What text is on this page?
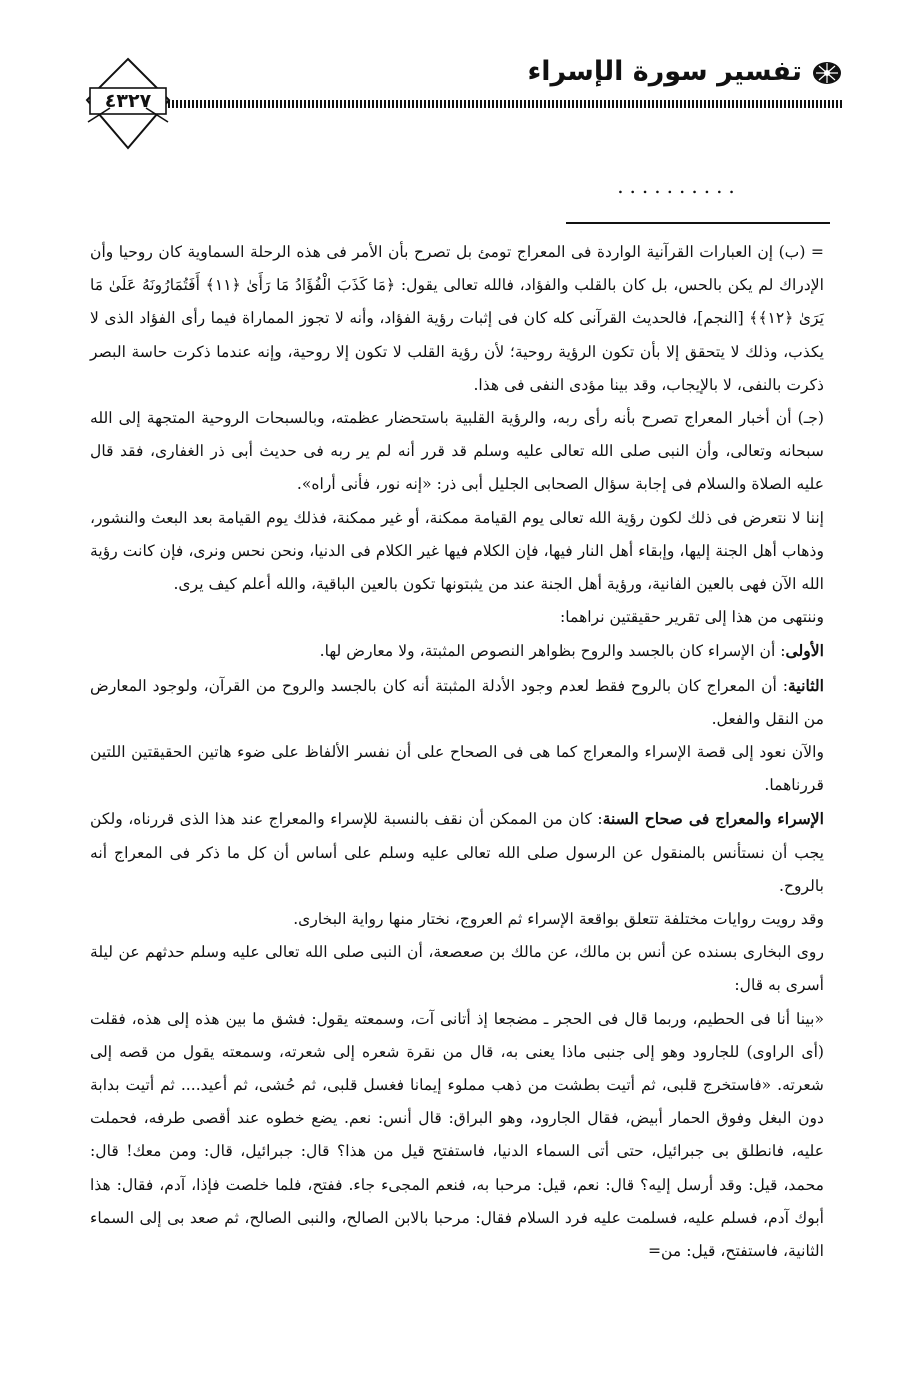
تفسير سورة الإسراء
٤٣٢٧
..........

= (ب) إن العبارات القرآنية الواردة فى المعراج تومئ بل تصرح بأن الأمر فى هذه الرحلة السماوية كان روحيا وأن الإدراك لم يكن بالحس، بل كان بالقلب والفؤاد، فالله تعالى يقول: ﴿مَا كَذَبَ الْفُؤَادُ مَا رَأَىٰ ﴿١١﴾ أَفَتُمَارُونَهُ عَلَىٰ مَا يَرَىٰ ﴿١٢﴾﴾ [النجم]، فالحديث القرآنى كله كان فى إثبات رؤية الفؤاد، وأنه لا تجوز المماراة فيما رأى الفؤاد الذى لا يكذب، وذلك لا يتحقق إلا بأن تكون الرؤية روحية؛ لأن رؤية القلب لا تكون إلا روحية، وإنه عندما ذكرت حاسة البصر ذكرت بالنفى، لا بالإيجاب، وقد بينا مؤدى النفى فى هذا.

(جـ) أن أخبار المعراج تصرح بأنه رأى ربه، والرؤية القلبية باستحضار عظمته، وبالسبحات الروحية المتجهة إلى الله سبحانه وتعالى، وأن النبى صلى الله تعالى عليه وسلم قد قرر أنه لم ير ربه فى حديث أبى ذر الغفارى، فقد قال عليه الصلاة والسلام فى إجابة سؤال الصحابى الجليل أبى ذر: «إنه نور، فأنى أراه».

إننا لا نتعرض فى ذلك لكون رؤية الله تعالى يوم القيامة ممكنة، أو غير ممكنة، فذلك يوم القيامة بعد البعث والنشور، وذهاب أهل الجنة إليها، وإبقاء أهل النار فيها، فإن الكلام فيها غير الكلام فى الدنيا، ونحن نحس ونرى، فإن كانت رؤية الله الآن فهى بالعين الفانية، ورؤية أهل الجنة عند من يثبتونها تكون بالعين الباقية، والله أعلم كيف يرى.

وننتهى من هذا إلى تقرير حقيقتين نراهما:

الأولى: أن الإسراء كان بالجسد والروح بظواهر النصوص المثبتة، ولا معارض لها.

الثانية: أن المعراج كان بالروح فقط لعدم وجود الأدلة المثبتة أنه كان بالجسد والروح من القرآن، ولوجود المعارض من النقل والفعل.

والآن نعود إلى قصة الإسراء والمعراج كما هى فى الصحاح على أن نفسر الألفاظ على ضوء هاتين الحقيقتين اللتين قررناهما.

الإسراء والمعراج فى صحاح السنة: كان من الممكن أن نقف بالنسبة للإسراء والمعراج عند هذا الذى قررناه، ولكن يجب أن نستأنس بالمنقول عن الرسول صلى الله تعالى عليه وسلم على أساس أن كل ما ذكر فى المعراج أنه بالروح.

وقد رويت روايات مختلفة تتعلق بواقعة الإسراء ثم العروج، نختار منها رواية البخارى.

روى البخارى بسنده عن أنس بن مالك، عن مالك بن صعصعة، أن النبى صلى الله تعالى عليه وسلم حدثهم عن ليلة أسرى به قال:

«بينا أنا فى الحطيم، وربما قال فى الحجر ـ مضجعا إذ أتانى آت، وسمعته يقول: فشق ما بين هذه إلى هذه، فقلت (أى الراوى) للجارود وهو إلى جنبى ماذا يعنى به، قال من نقرة شعره إلى شعرته، وسمعته يقول من قصه إلى شعرته. «فاستخرج قلبى، ثم أتيت بطشت من ذهب مملوء إيمانا فغسل قلبى، ثم حُشى، ثم أعيد.... ثم أتيت بدابة دون البغل وفوق الحمار أبيض، فقال الجارود، وهو البراق: قال أنس: نعم. يضع خطوه عند أقصى طرفه، فحملت عليه، فانطلق بى جبرائيل، حتى أتى السماء الدنيا، فاستفتح قيل من هذا؟ قال: جبرائيل، قال: ومن معك! قال: محمد، قيل: وقد أرسل إليه؟ قال: نعم، قيل: مرحبا به، فنعم المجىء جاء. ففتح، فلما خلصت فإذا، آدم، فقال: هذا أبوك آدم، فسلم عليه، فسلمت عليه فرد السلام فقال: مرحبا بالابن الصالح، والنبى الصالح، ثم صعد بى إلى السماء الثانية، فاستفتح، قيل: من=
